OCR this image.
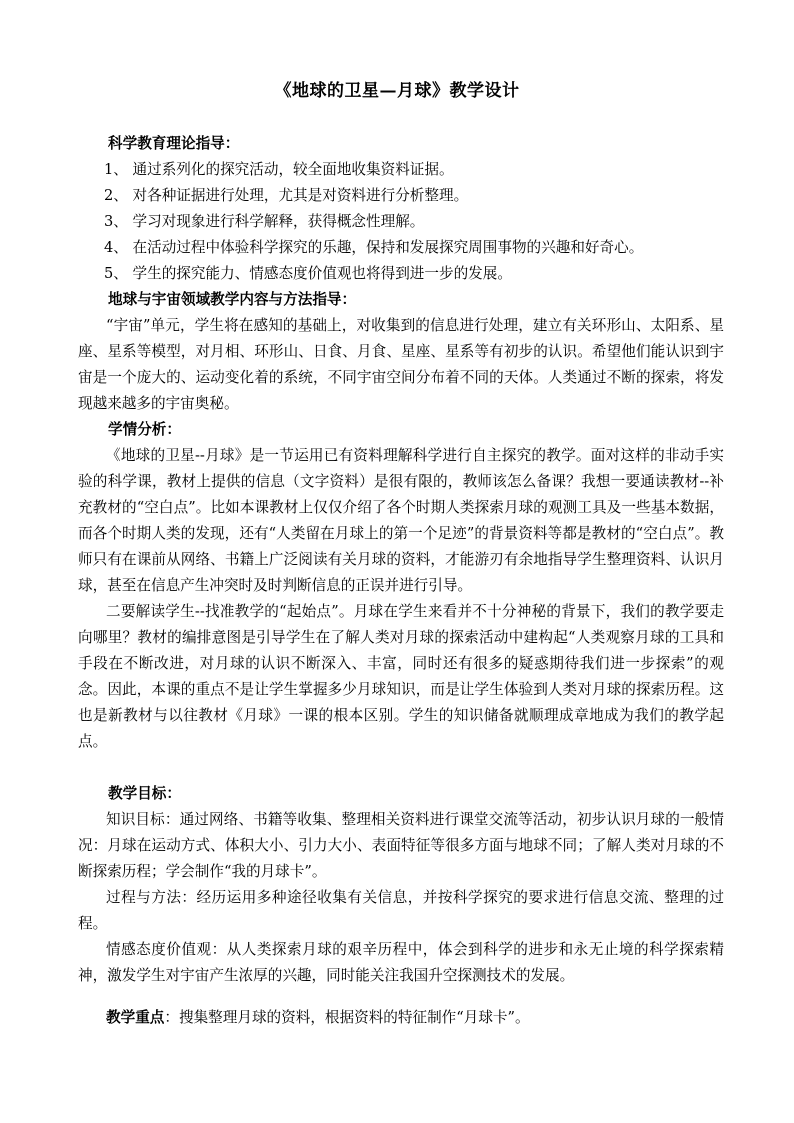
《地球的卫星—月球》教学设计
科学教育理论指导：
1、 通过系列化的探究活动，较全面地收集资料证据。
2、 对各种证据进行处理，尤其是对资料进行分析整理。
3、 学习对现象进行科学解释，获得概念性理解。
4、 在活动过程中体验科学探究的乐趣，保持和发展探究周围事物的兴趣和好奇心。
5、 学生的探究能力、情感态度价值观也将得到进一步的发展。
地球与宇宙领域教学内容与方法指导：

“宇宙”单元，学生将在感知的基础上，对收集到的信息进行处理，建立有关环形山、太阳系、星座、星系等模型，对月相、环形山、日食、月食、星座、星系等有初步的认识。希望他们能认识到宇宙是一个庞大的、运动变化着的系统，不同宇宙空间分布着不同的天体。人类通过不断的探索，将发现越来越多的宇宙奥秘。

学情分析：

《地球的卫星--月球》是一节运用已有资料理解科学进行自主探究的教学。面对这样的非动手实验的科学课，教材上提供的信息（文字资料）是很有限的，教师该怎么备课？我想一要通读教材--补充教材的“空白点”。比如本课教材上仅仅介绍了各个时期人类探索月球的观测工具及一些基本数据，而各个时期人类的发现，还有“人类留在月球上的第一个足迹”的背景资料等都是教材的“空白点”。教师只有在课前从网络、书籍上广泛阅读有关月球的资料，才能游刃有余地指导学生整理资料、认识月球，甚至在信息产生冲突时及时判断信息的正误并进行引导。

二要解读学生--找准教学的“起始点”。月球在学生来看并不十分神秘的背景下，我们的教学要走向哪里？教材的编排意图是引导学生在了解人类对月球的探索活动中建构起“人类观察月球的工具和手段在不断改进，对月球的认识不断深入、丰富，同时还有很多的疑惑期待我们进一步探索”的观念。因此，本课的重点不是让学生掌握多少月球知识，而是让学生体验到人类对月球的探索历程。这也是新教材与以往教材《月球》一课的根本区别。学生的知识储备就顺理成章地成为我们的教学起点。

教学目标：

知识目标：通过网络、书籍等收集、整理相关资料进行课堂交流等活动，初步认识月球的一般情况：月球在运动方式、体积大小、引力大小、表面特征等很多方面与地球不同；了解人类对月球的不断探索历程；学会制作“我的月球卡”。

过程与方法：经历运用多种途径收集有关信息，并按科学探究的要求进行信息交流、整理的过程。

情感态度价值观：从人类探索月球的艰辛历程中，体会到科学的进步和永无止境的科学探索精神，激发学生对宇宙产生浓厚的兴趣，同时能关注我国升空探测技术的发展。

教学重点：搜集整理月球的资料，根据资料的特征制作“月球卡”。
